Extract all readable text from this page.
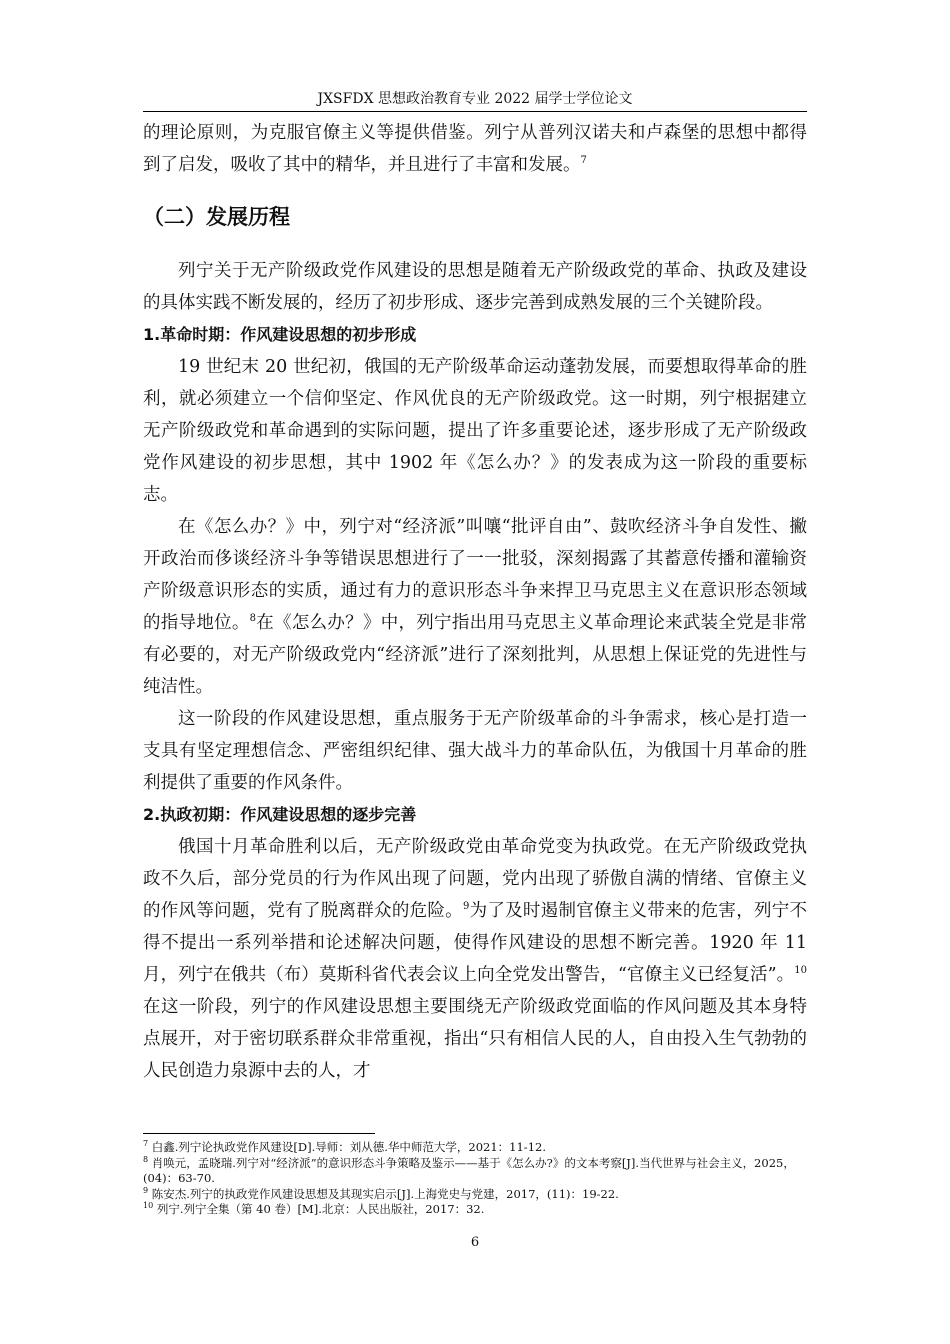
JXSFDX 思想政治教育专业 2022 届学士学位论文

的理论原则，为克服官僚主义等提供借鉴。列宁从普列汉诺夫和卢森堡的思想中都得到了启发，吸收了其中的精华，并且进行了丰富和发展。$^7$

（二）发展历程

列宁关于无产阶级政党作风建设的思想是随着无产阶级政党的革命、执政及建设的具体实践不断发展的，经历了初步形成、逐步完善到成熟发展的三个关键阶段。

1.革命时期：作风建设思想的初步形成

19 世纪末 20 世纪初，俄国的无产阶级革命运动蓬勃发展，而要想取得革命的胜利，就必须建立一个信仰坚定、作风优良的无产阶级政党。这一时期，列宁根据建立无产阶级政党和革命遇到的实际问题，提出了许多重要论述，逐步形成了无产阶级政党作风建设的初步思想，其中 1902 年《怎么办？》的发表成为这一阶段的重要标志。

在《怎么办？》中，列宁对“经济派”叫嚷“批评自由”、鼓吹经济斗争自发性、撇开政治而侈谈经济斗争等错误思想进行了一一批驳，深刻揭露了其蓄意传播和灌输资产阶级意识形态的实质，通过有力的意识形态斗争来捍卫马克思主义在意识形态领域的指导地位。$^8$在《怎么办？》中，列宁指出用马克思主义革命理论来武装全党是非常有必要的，对无产阶级政党内“经济派”进行了深刻批判，从思想上保证党的先进性与纯洁性。

这一阶段的作风建设思想，重点服务于无产阶级革命的斗争需求，核心是打造一支具有坚定理想信念、严密组织纪律、强大战斗力的革命队伍，为俄国十月革命的胜利提供了重要的作风条件。

2.执政初期：作风建设思想的逐步完善

俄国十月革命胜利以后，无产阶级政党由革命党变为执政党。在无产阶级政党执政不久后，部分党员的行为作风出现了问题，党内出现了骄傲自满的情绪、官僚主义的作风等问题，党有了脱离群众的危险。$^9$为了及时遏制官僚主义带来的危害，列宁不得不提出一系列举措和论述解决问题，使得作风建设的思想不断完善。1920 年 11 月，列宁在俄共（布）莫斯科省代表会议上向全党发出警告，“官僚主义已经复活”。$^{10}$ 在这一阶段，列宁的作风建设思想主要围绕无产阶级政党面临的作风问题及其本身特点展开，对于密切联系群众非常重视，指出“只有相信人民的人，自由投入生气勃勃的人民创造力泉源中去的人，才

$^7$ 白鑫.列宁论执政党作风建设[D].导师：刘从德.华中师范大学，2021：11-12.

$^8$ 肖唤元，孟晓瑞.列宁对“经济派”的意识形态斗争策略及鉴示——基于《怎么办?》的文本考察[J].当代世界与社会主义，2025，(04)：63-70.

$^9$ 陈安杰.列宁的执政党作风建设思想及其现实启示[J].上海党史与党建，2017，(11)：19-22.

$^{10}$ 列宁.列宁全集（第 40 卷）[M].北京：人民出版社，2017：32.

6
